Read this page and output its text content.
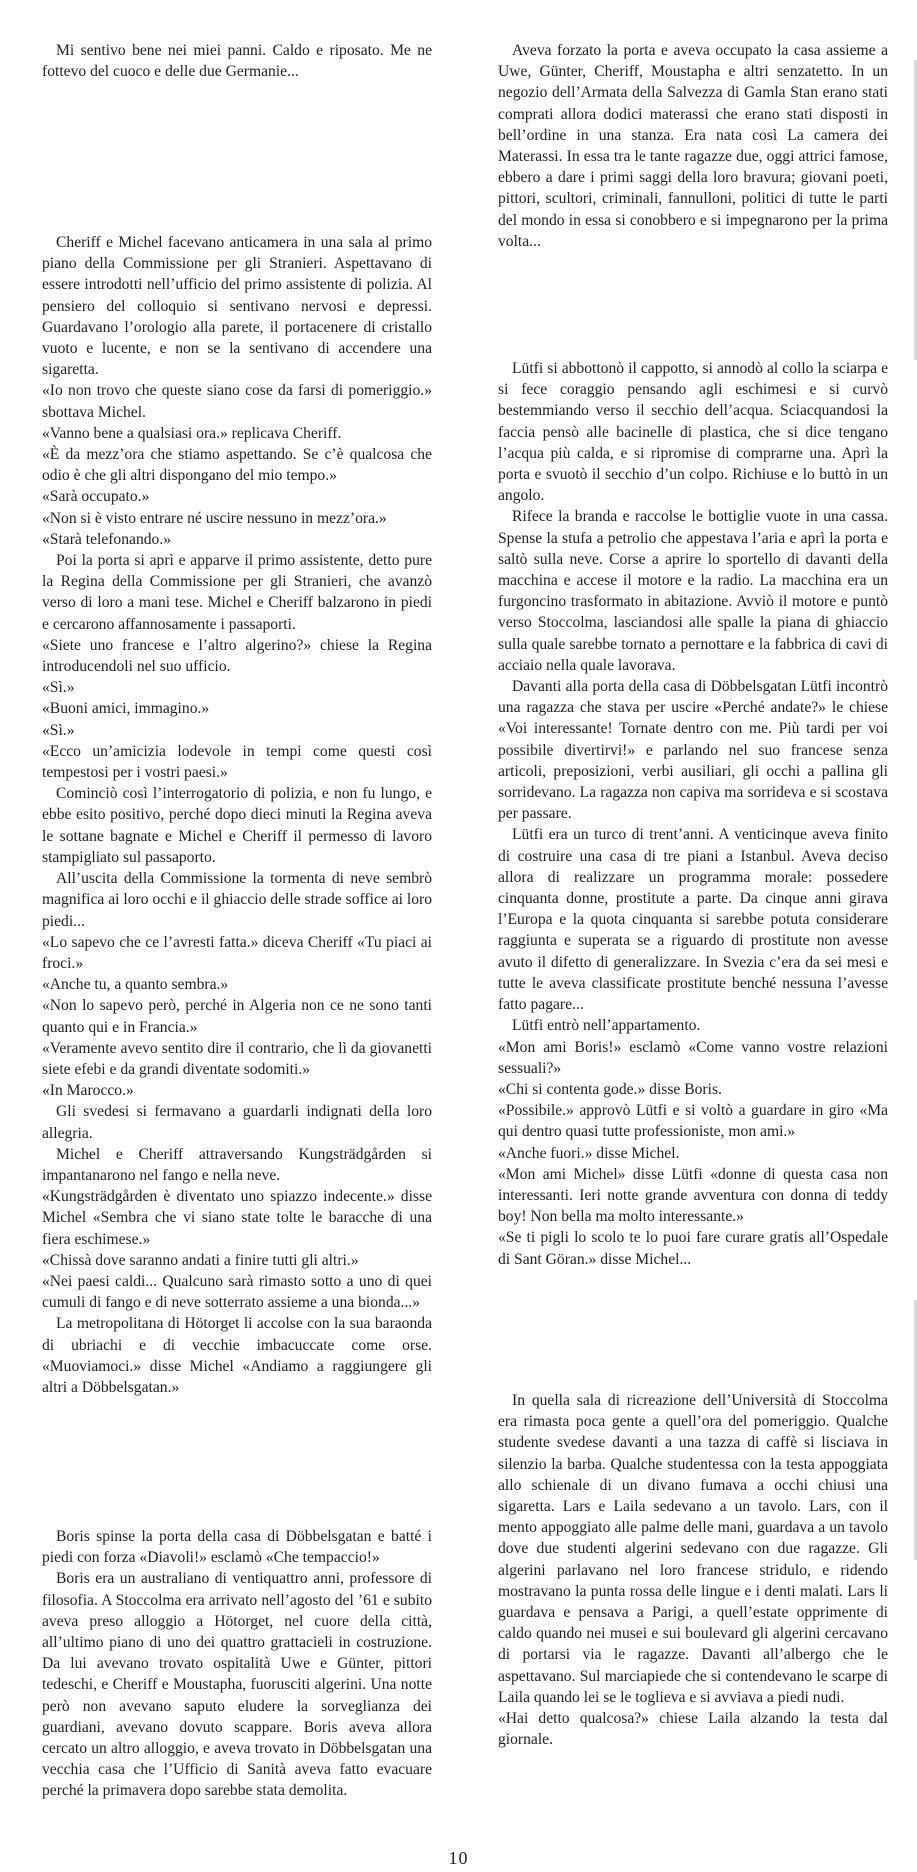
Mi sentivo bene nei miei panni. Caldo e riposato. Me ne fottevo del cuoco e delle due Germanie...

Cheriff e Michel facevano anticamera in una sala al primo piano della Commissione per gli Stranieri. Aspettavano di essere introdotti nell’ufficio del primo assistente di polizia. Al pensiero del colloquio si sentivano nervosi e depressi. Guardavano l’orologio alla parete, il portacenere di cristallo vuoto e lucente, e non se la sentivano di accendere una sigaretta.

«Io non trovo che queste siano cose da farsi di pomeriggio.» sbottava Michel.

«Vanno bene a qualsiasi ora.» replicava Cheriff.

«È da mezz’ora che stiamo aspettando. Se c’è qualcosa che odio è che gli altri dispongano del mio tempo.»

«Sarà occupato.»

«Non si è visto entrare né uscire nessuno in mezz’ora.»

«Starà telefonando.»

Poi la porta si aprì e apparve il primo assistente, detto pure la Regina della Commissione per gli Stranieri, che avanzò verso di loro a mani tese. Michel e Cheriff balzarono in piedi e cercarono affannosamente i passaporti.

«Siete uno francese e l’altro algerino?» chiese la Regina introducendoli nel suo ufficio.

«Sì.»

«Buoni amici, immagino.»

«Sì.»

«Ecco un’amicizia lodevole in tempi come questi così tempestosi per i vostri paesi.»

Cominciò così l’interrogatorio di polizia, e non fu lungo, e ebbe esito positivo, perché dopo dieci minuti la Regina aveva le sottane bagnate e Michel e Cheriff il permesso di lavoro stampigliato sul passaporto.

All’uscita della Commissione la tormenta di neve sembrò magnifica ai loro occhi e il ghiaccio delle strade soffice ai loro piedi...

«Lo sapevo che ce l’avresti fatta.» diceva Cheriff «Tu piaci ai froci.»

«Anche tu, a quanto sembra.»

«Non lo sapevo però, perché in Algeria non ce ne sono tanti quanto qui e in Francia.»

«Veramente avevo sentito dire il contrario, che lì da giovanetti siete efebi e da grandi diventate sodomiti.»

«In Marocco.»

Gli svedesi si fermavano a guardarli indignati della loro allegria.

Michel e Cheriff attraversando Kungsträdgården si impantanarono nel fango e nella neve.

«Kungsträdgården è diventato uno spiazzo indecente.» disse Michel «Sembra che vi siano state tolte le baracche di una fiera eschimese.»

«Chissà dove saranno andati a finire tutti gli altri.»

«Nei paesi caldi... Qualcuno sarà rimasto sotto a uno di quei cumuli di fango e di neve sotterrato assieme a una bionda...»

La metropolitana di Hötorget li accolse con la sua baraonda di ubriachi e di vecchie imbacuccate come orse. «Muoviamoci.» disse Michel «Andiamo a raggiungere gli altri a Döbbelsgatan.»

Boris spinse la porta della casa di Döbbelsgatan e batté i piedi con forza «Diavoli!» esclamò «Che tempaccio!»

Boris era un australiano di ventiquattro anni, professore di filosofia. A Stoccolma era arrivato nell’agosto del ’61 e subito aveva preso alloggio a Hötorget, nel cuore della città, all’ultimo piano di uno dei quattro grattacieli in costruzione. Da lui avevano trovato ospitalità Uwe e Günter, pittori tedeschi, e Cheriff e Moustapha, fuorusciti algerini. Una notte però non avevano saputo eludere la sorveglianza dei guardiani, avevano dovuto scappare. Boris aveva allora cercato un altro alloggio, e aveva trovato in Döbbelsgatan una vecchia casa che l’Ufficio di Sanità aveva fatto evacuare perché la primavera dopo sarebbe stata demolita.

Aveva forzato la porta e aveva occupato la casa assieme a Uwe, Günter, Cheriff, Moustapha e altri senzatetto. In un negozio dell’Armata della Salvezza di Gamla Stan erano stati comprati allora dodici materassi che erano stati disposti in bell’ordine in una stanza. Era nata così La camera dei Materassi. In essa tra le tante ragazze due, oggi attrici famose, ebbero a dare i primi saggi della loro bravura; giovani poeti, pittori, scultori, criminali, fannulloni, politici di tutte le parti del mondo in essa si conobbero e si impegnarono per la prima volta...

Lütfi si abbottonò il cappotto, si annodò al collo la sciarpa e si fece coraggio pensando agli eschimesi e si curvò bestemmiando verso il secchio dell’acqua. Sciacquandosi la faccia pensò alle bacinelle di plastica, che si dice tengano l’acqua più calda, e si ripromise di comprarne una. Aprì la porta e svuotò il secchio d’un colpo. Richiuse e lo buttò in un angolo.

Rifece la branda e raccolse le bottiglie vuote in una cassa. Spense la stufa a petrolio che appestava l’aria e aprì la porta e saltò sulla neve. Corse a aprire lo sportello di davanti della macchina e accese il motore e la radio. La macchina era un furgoncino trasformato in abitazione. Avviò il motore e puntò verso Stoccolma, lasciandosi alle spalle la piana di ghiaccio sulla quale sarebbe tornato a pernottare e la fabbrica di cavi di acciaio nella quale lavorava.

Davanti alla porta della casa di Döbbelsgatan Lütfi incontrò una ragazza che stava per uscire «Perché andate?» le chiese «Voi interessante! Tornate dentro con me. Più tardi per voi possibile divertirvi!» e parlando nel suo francese senza articoli, preposizioni, verbi ausiliari, gli occhi a pallina gli sorridevano. La ragazza non capiva ma sorrideva e si scostava per passare.

Lütfi era un turco di trent’anni. A venticinque aveva finito di costruire una casa di tre piani a Istanbul. Aveva deciso allora di realizzare un programma morale: possedere cinquanta donne, prostitute a parte. Da cinque anni girava l’Europa e la quota cinquanta si sarebbe potuta considerare raggiunta e superata se a riguardo di prostitute non avesse avuto il difetto di generalizzare. In Svezia c’era da sei mesi e tutte le aveva classificate prostitute benché nessuna l’avesse fatto pagare...

Lütfi entrò nell’appartamento.

«Mon ami Boris!» esclamò «Come vanno vostre relazioni sessuali?»

«Chi si contenta gode.» disse Boris.

«Possibile.» approvò Lütfi e si voltò a guardare in giro «Ma qui dentro quasi tutte professioniste, mon ami.»

«Anche fuori.» disse Michel.

«Mon ami Michel» disse Lütfi «donne di questa casa non interessanti. Ieri notte grande avventura con donna di teddy boy! Non bella ma molto interessante.»

«Se ti pigli lo scolo te lo puoi fare curare gratis all’Ospedale di Sant Göran.» disse Michel...

In quella sala di ricreazione dell’Università di Stoccolma era rimasta poca gente a quell’ora del pomeriggio. Qualche studente svedese davanti a una tazza di caffè si lisciava in silenzio la barba. Qualche studentessa con la testa appoggiata allo schienale di un divano fumava a occhi chiusi una sigaretta. Lars e Laila sedevano a un tavolo. Lars, con il mento appoggiato alle palme delle mani, guardava a un tavolo dove due studenti algerini sedevano con due ragazze. Gli algerini parlavano nel loro francese stridulo, e ridendo mostravano la punta rossa delle lingue e i denti malati. Lars li guardava e pensava a Parigi, a quell’estate opprimente di caldo quando nei musei e sui boulevard gli algerini cercavano di portarsi via le ragazze. Davanti all’albergo che le aspettavano. Sul marciapiede che si contendevano le scarpe di Laila quando lei se le toglieva e si avviava a piedi nudi.

«Hai detto qualcosa?» chiese Laila alzando la testa dal giornale.

10
